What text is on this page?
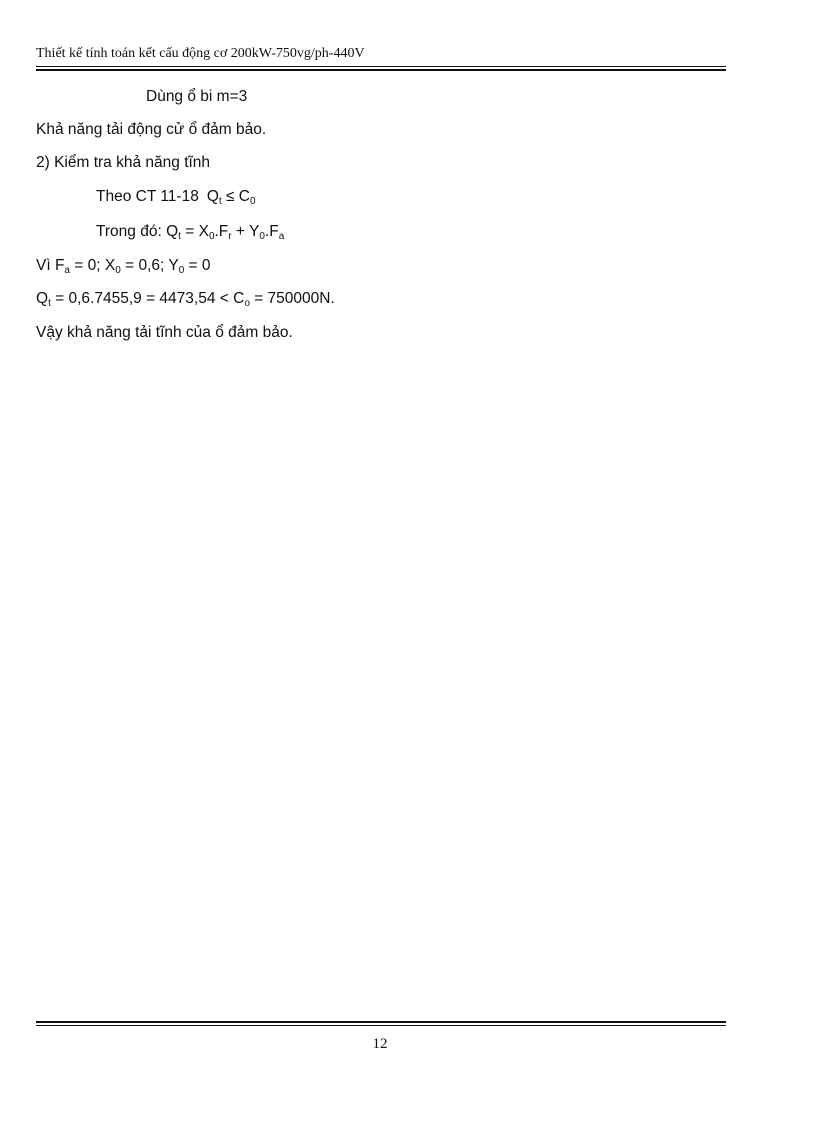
Thiết kế tính toán kết cấu động cơ 200kW-750vg/ph-440V
Dùng ổ bi m=3
Khả năng tải động cử ổ đảm bảo.
2) Kiểm tra khả năng tĩnh
Theo CT 11-18 $Q_t \le C_0$
Trong đó: $Q_t = X_0.F_r + Y_0.F_a$
Vì $F_a = 0$; $X_0 = 0,6$; $Y_0 = 0$
$Q_t = 0,6.7455,9 = 4473,54 < C_o = 750000N$.
Vậy khả năng tải tĩnh của ổ đảm bảo.
12
